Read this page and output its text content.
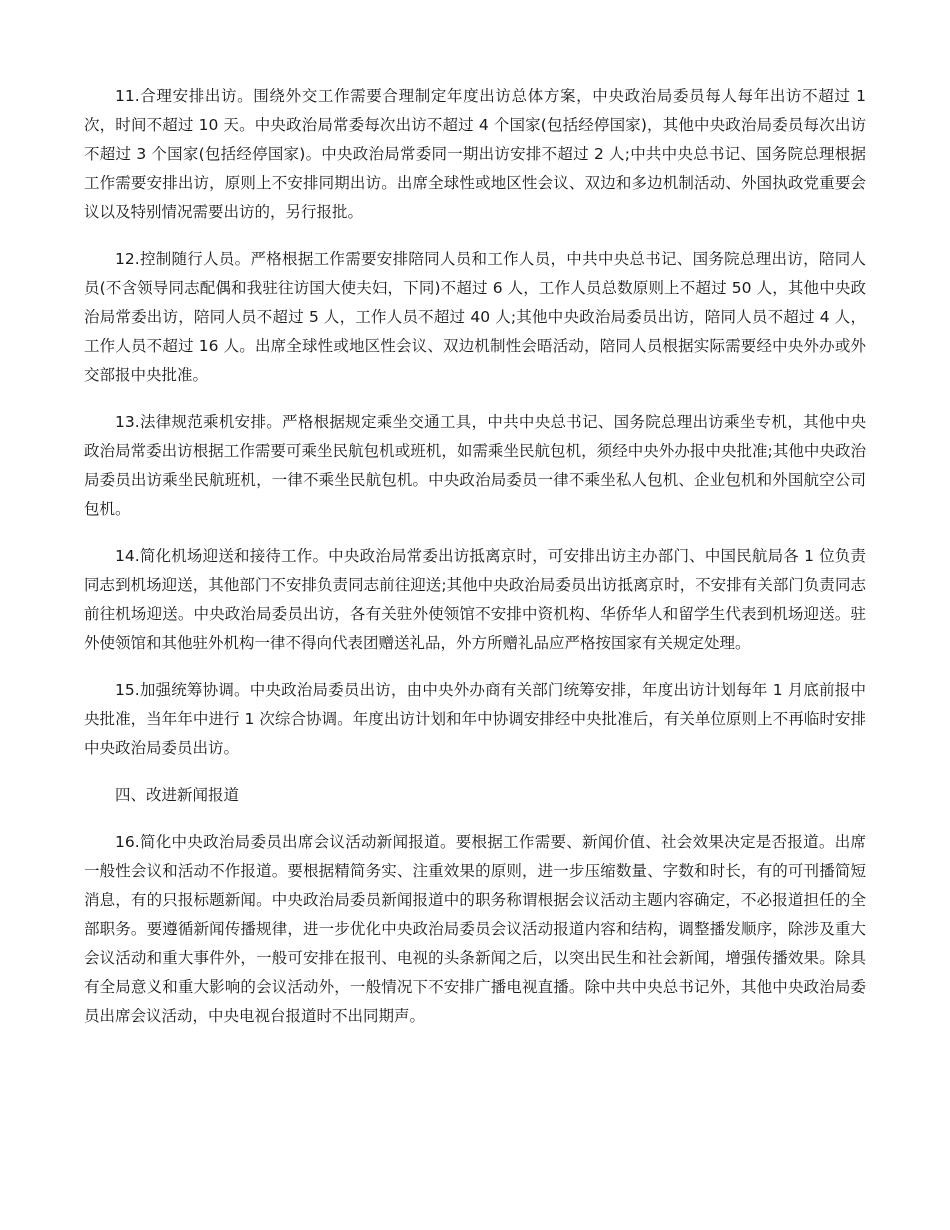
11.合理安排出访。围绕外交工作需要合理制定年度出访总体方案，中央政治局委员每人每年出访不超过 1 次，时间不超过 10 天。中央政治局常委每次出访不超过 4 个国家(包括经停国家)，其他中央政治局委员每次出访不超过 3 个国家(包括经停国家)。中央政治局常委同一期出访安排不超过 2 人;中共中央总书记、国务院总理根据工作需要安排出访，原则上不安排同期出访。出席全球性或地区性会议、双边和多边机制活动、外国执政党重要会议以及特别情况需要出访的，另行报批。

12.控制随行人员。严格根据工作需要安排陪同人员和工作人员，中共中央总书记、国务院总理出访，陪同人员(不含领导同志配偶和我驻往访国大使夫妇，下同)不超过 6 人，工作人员总数原则上不超过 50 人，其他中央政治局常委出访，陪同人员不超过 5 人，工作人员不超过 40 人;其他中央政治局委员出访，陪同人员不超过 4 人，工作人员不超过 16 人。出席全球性或地区性会议、双边机制性会晤活动，陪同人员根据实际需要经中央外办或外交部报中央批准。

13.法律规范乘机安排。严格根据规定乘坐交通工具，中共中央总书记、国务院总理出访乘坐专机，其他中央政治局常委出访根据工作需要可乘坐民航包机或班机，如需乘坐民航包机，须经中央外办报中央批准;其他中央政治局委员出访乘坐民航班机，一律不乘坐民航包机。中央政治局委员一律不乘坐私人包机、企业包机和外国航空公司包机。

14.简化机场迎送和接待工作。中央政治局常委出访抵离京时，可安排出访主办部门、中国民航局各 1 位负责同志到机场迎送，其他部门不安排负责同志前往迎送;其他中央政治局委员出访抵离京时，不安排有关部门负责同志前往机场迎送。中央政治局委员出访，各有关驻外使领馆不安排中资机构、华侨华人和留学生代表到机场迎送。驻外使领馆和其他驻外机构一律不得向代表团赠送礼品，外方所赠礼品应严格按国家有关规定处理。

15.加强统筹协调。中央政治局委员出访，由中央外办商有关部门统筹安排，年度出访计划每年 1 月底前报中央批准，当年年中进行 1 次综合协调。年度出访计划和年中协调安排经中央批准后，有关单位原则上不再临时安排中央政治局委员出访。

四、改进新闻报道

16.简化中央政治局委员出席会议活动新闻报道。要根据工作需要、新闻价值、社会效果决定是否报道。出席一般性会议和活动不作报道。要根据精简务实、注重效果的原则，进一步压缩数量、字数和时长，有的可刊播简短消息，有的只报标题新闻。中央政治局委员新闻报道中的职务称谓根据会议活动主题内容确定，不必报道担任的全部职务。要遵循新闻传播规律，进一步优化中央政治局委员会议活动报道内容和结构，调整播发顺序，除涉及重大会议活动和重大事件外，一般可安排在报刊、电视的头条新闻之后，以突出民生和社会新闻，增强传播效果。除具有全局意义和重大影响的会议活动外，一般情况下不安排广播电视直播。除中共中央总书记外，其他中央政治局委员出席会议活动，中央电视台报道时不出同期声。
